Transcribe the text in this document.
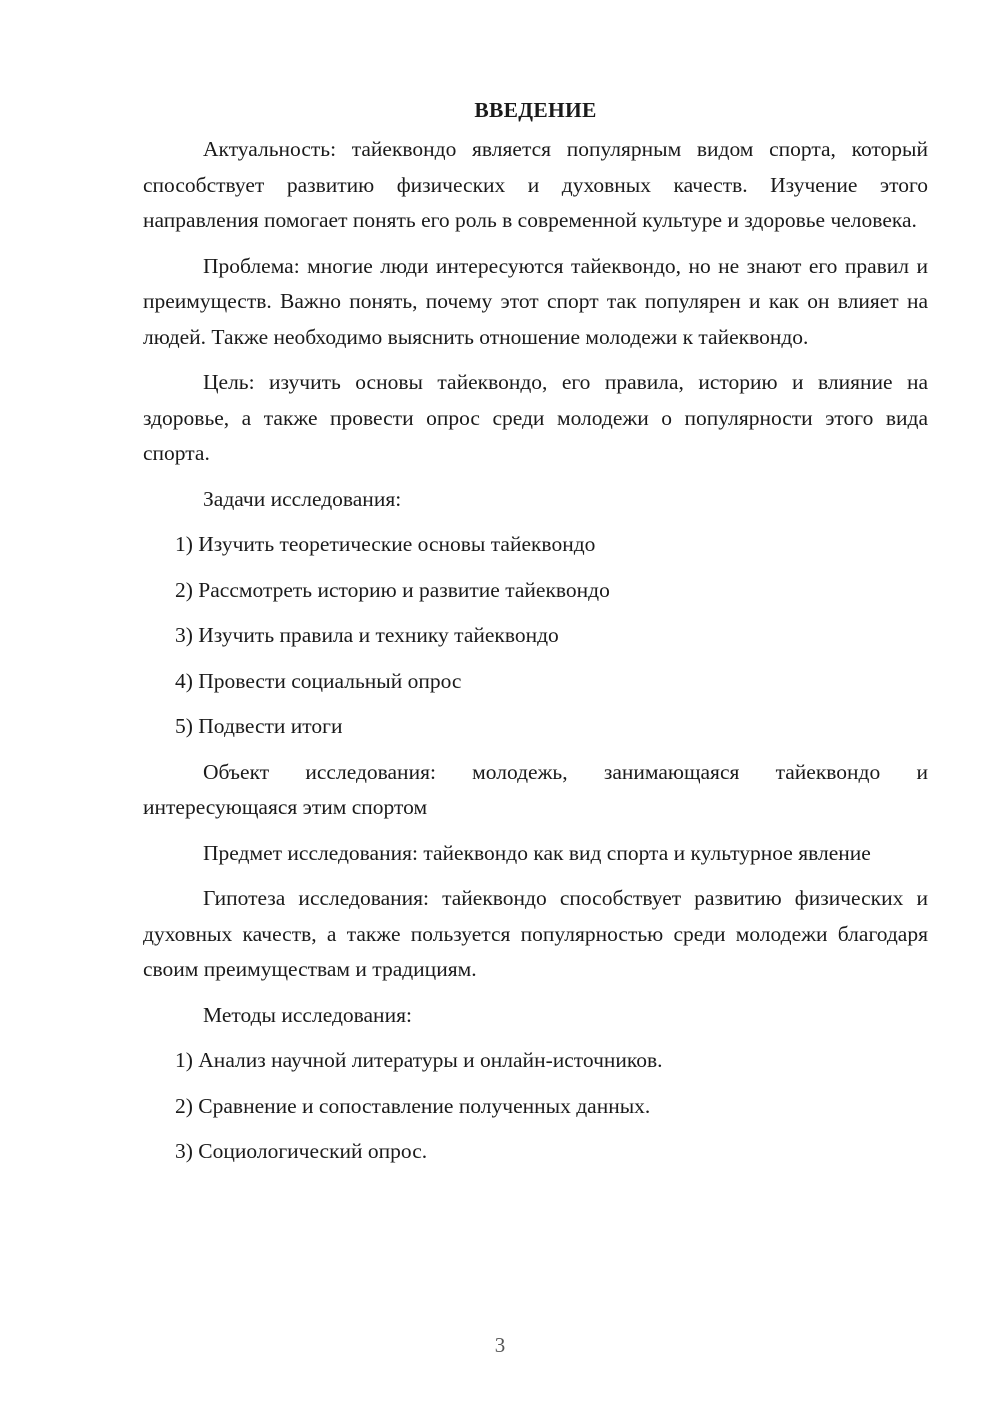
ВВЕДЕНИЕ

Актуальность: тайеквондо является популярным видом спорта, который способствует развитию физических и духовных качеств. Изучение этого направления помогает понять его роль в современной культуре и здоровье человека.

Проблема: многие люди интересуются тайеквондо, но не знают его правил и преимуществ. Важно понять, почему этот спорт так популярен и как он влияет на людей. Также необходимо выяснить отношение молодежи к тайеквондо.

Цель: изучить основы тайеквондо, его правила, историю и влияние на здоровье, а также провести опрос среди молодежи о популярности этого вида спорта.

Задачи исследования:

1) Изучить теоретические основы тайеквондо

2) Рассмотреть историю и развитие тайеквондо

3) Изучить правила и технику тайеквондо

4) Провести социальный опрос

5) Подвести итоги

Объект исследования: молодежь, занимающаяся тайеквондо и интересующаяся этим спортом

Предмет исследования: тайеквондо как вид спорта и культурное явление

Гипотеза исследования: тайеквондо способствует развитию физических и духовных качеств, а также пользуется популярностью среди молодежи благодаря своим преимуществам и традициям.

Методы исследования:

1) Анализ научной литературы и онлайн-источников.

2) Сравнение и сопоставление полученных данных.

3) Социологический опрос.

3
